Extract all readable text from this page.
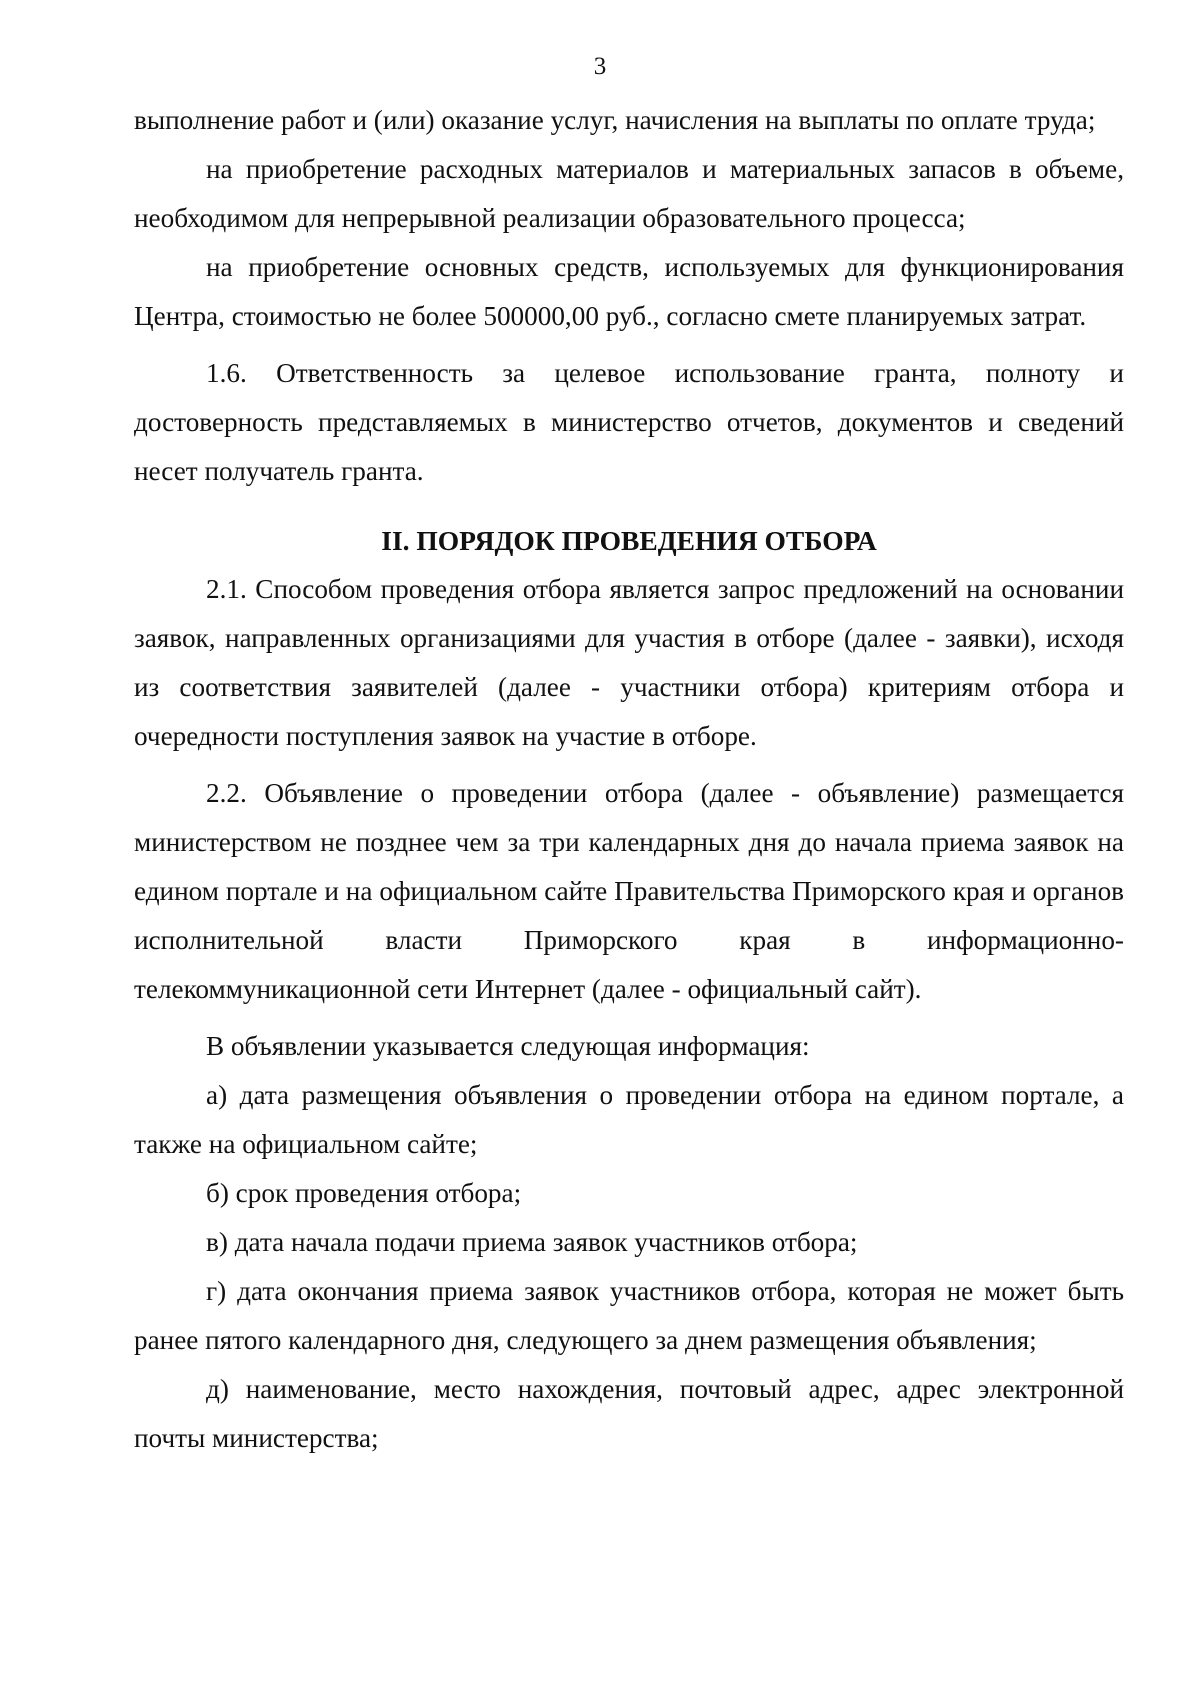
3

выполнение работ и (или) оказание услуг, начисления на выплаты по оплате труда;

на приобретение расходных материалов и материальных запасов в объеме, необходимом для непрерывной реализации образовательного процесса;

на приобретение основных средств, используемых для функционирования Центра, стоимостью не более 500000,00 руб., согласно смете планируемых затрат.

1.6. Ответственность за целевое использование гранта, полноту и достоверность представляемых в министерство отчетов, документов и сведений несет получатель гранта.

II. ПОРЯДОК ПРОВЕДЕНИЯ ОТБОРА

2.1. Способом проведения отбора является запрос предложений на основании заявок, направленных организациями для участия в отборе (далее - заявки), исходя из соответствия заявителей (далее - участники отбора) критериям отбора и очередности поступления заявок на участие в отборе.

2.2. Объявление о проведении отбора (далее - объявление) размещается министерством не позднее чем за три календарных дня до начала приема заявок на едином портале и на официальном сайте Правительства Приморского края и органов исполнительной власти Приморского края в информационно-телекоммуникационной сети Интернет (далее - официальный сайт).

В объявлении указывается следующая информация:

а) дата размещения объявления о проведении отбора на едином портале, а также на официальном сайте;

б) срок проведения отбора;

в) дата начала подачи приема заявок участников отбора;

г) дата окончания приема заявок участников отбора, которая не может быть ранее пятого календарного дня, следующего за днем размещения объявления;

д) наименование, место нахождения, почтовый адрес, адрес электронной почты министерства;
